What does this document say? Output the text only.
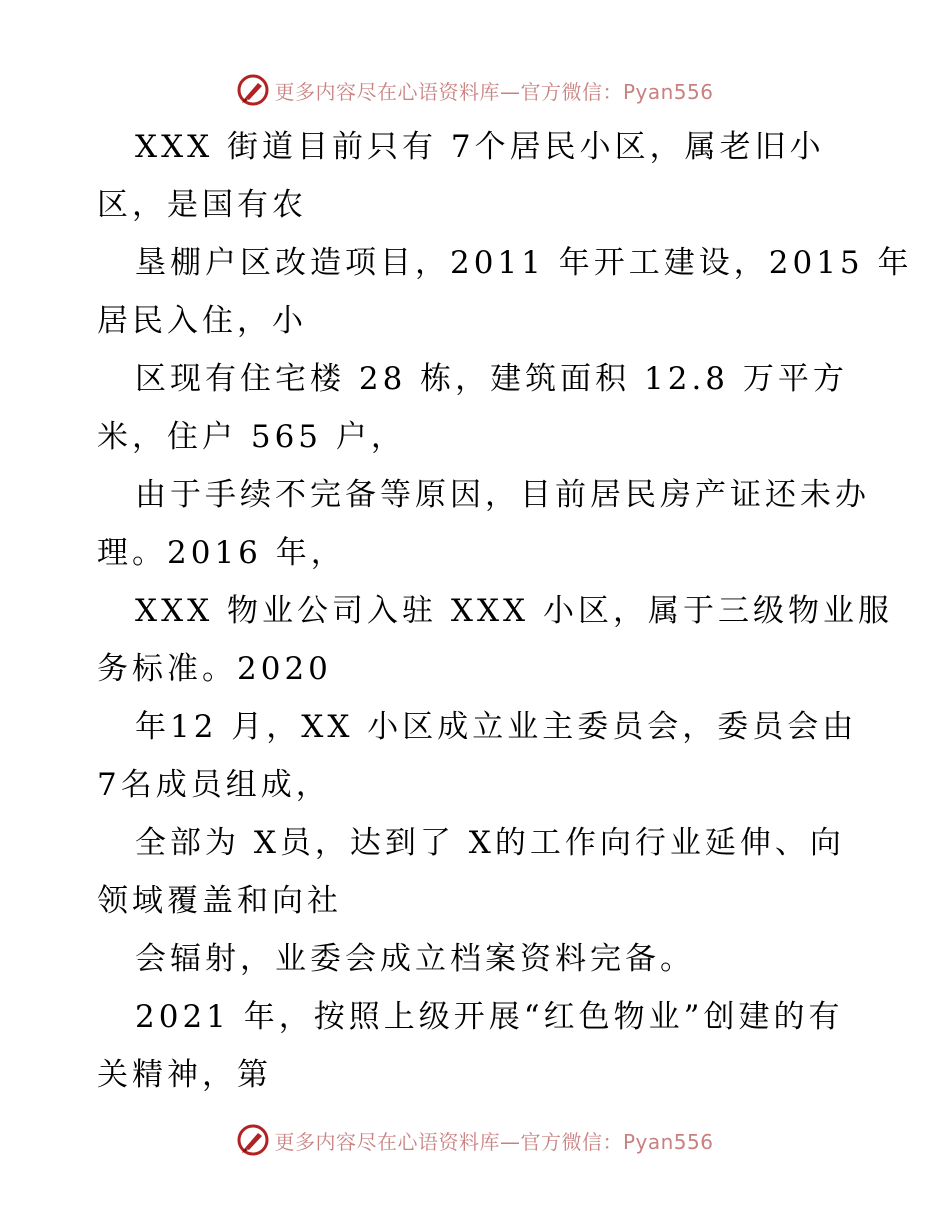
更多内容尽在心语资料库—官方微信：Pyan556
XXX 街道目前只有 7个居民小区，属老旧小
区，是国有农
垦棚户区改造项目，2011 年开工建设，2015 年
居民入住，小
区现有住宅楼 28 栋，建筑面积 12.8 万平方
米，住户 565 户，
由于手续不完备等原因，目前居民房产证还未办
理。2016 年，
XXX 物业公司入驻 XXX 小区，属于三级物业服
务标准。2020
年12 月，XX 小区成立业主委员会，委员会由
7名成员组成，
全部为 X员，达到了 X的工作向行业延伸、向
领域覆盖和向社
会辐射，业委会成立档案资料完备。
2021 年，按照上级开展“红色物业”创建的有
关精神，第
更多内容尽在心语资料库—官方微信：Pyan556
